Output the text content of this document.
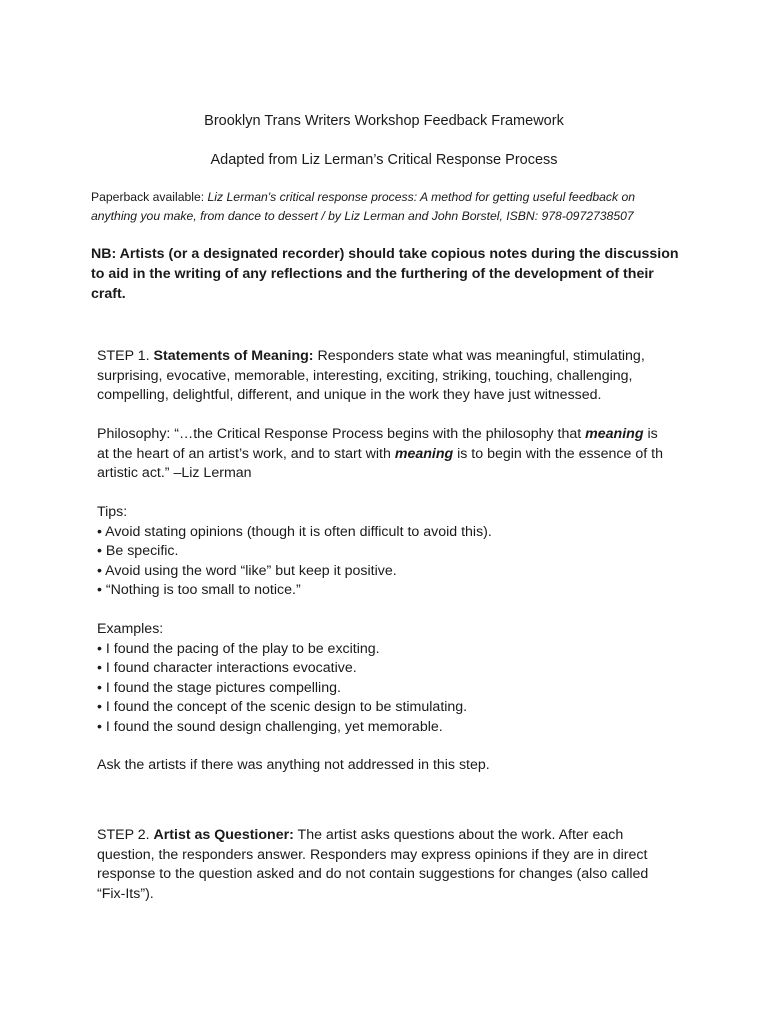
Brooklyn Trans Writers Workshop Feedback Framework
Adapted from Liz Lerman’s Critical Response Process
Paperback available: Liz Lerman's critical response process: A method for getting useful feedback on
anything you make, from dance to dessert / by Liz Lerman and John Borstel, ISBN: 978-0972738507
NB: Artists (or a designated recorder) should take copious notes during the discussion
to aid in the writing of any reflections and the furthering of the development of their
craft.
STEP 1. Statements of Meaning: Responders state what was meaningful, stimulating,
surprising, evocative, memorable, interesting, exciting, striking, touching, challenging,
compelling, delightful, different, and unique in the work they have just witnessed.
Philosophy: “…the Critical Response Process begins with the philosophy that meaning is
at the heart of an artist’s work, and to start with meaning is to begin with the essence of th
artistic act.” –Liz Lerman
Tips:
• Avoid stating opinions (though it is often difficult to avoid this).
• Be specific.
• Avoid using the word “like” but keep it positive.
• “Nothing is too small to notice.”
Examples:
• I found the pacing of the play to be exciting.
• I found character interactions evocative.
• I found the stage pictures compelling.
• I found the concept of the scenic design to be stimulating.
• I found the sound design challenging, yet memorable.
Ask the artists if there was anything not addressed in this step.
STEP 2. Artist as Questioner: The artist asks questions about the work. After each
question, the responders answer. Responders may express opinions if they are in direct
response to the question asked and do not contain suggestions for changes (also called
“Fix-Its”).
